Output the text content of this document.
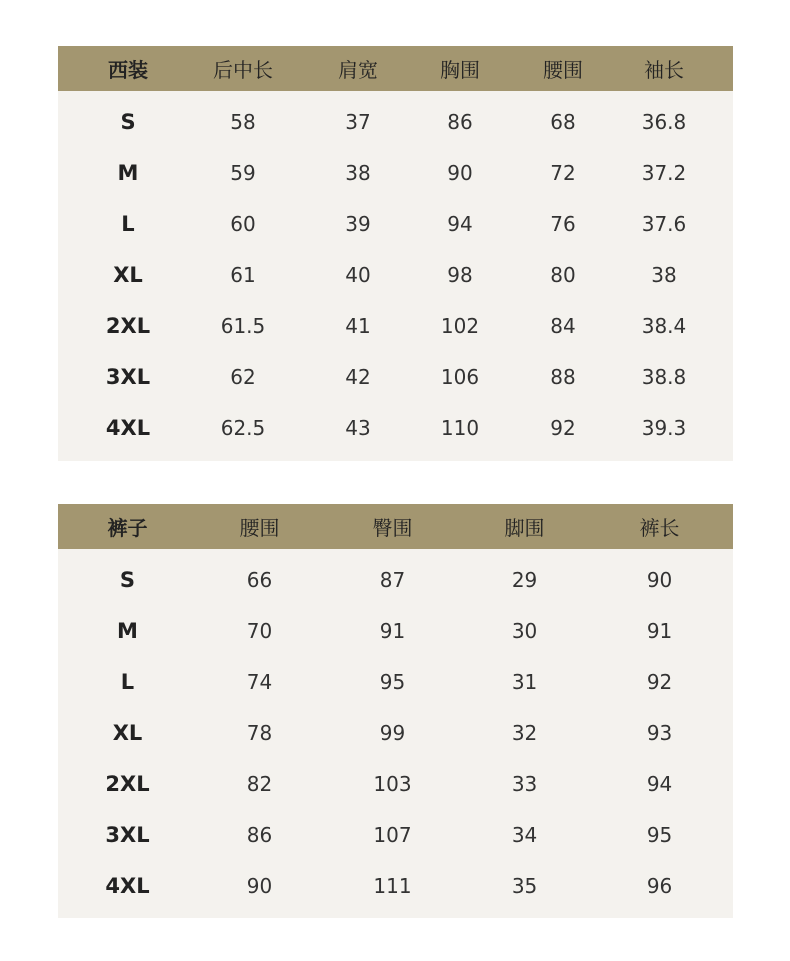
西装	后中长	肩宽	胸围	腰围	袖长
S	58	37	86	68	36.8
M	59	38	90	72	37.2
L	60	39	94	76	37.6
XL	61	40	98	80	38
2XL	61.5	41	102	84	38.4
3XL	62	42	106	88	38.8
4XL	62.5	43	110	92	39.3
裤子	腰围	臀围	脚围	裤长
S	66	87	29	90
M	70	91	30	91
L	74	95	31	92
XL	78	99	32	93
2XL	82	103	33	94
3XL	86	107	34	95
4XL	90	111	35	96
